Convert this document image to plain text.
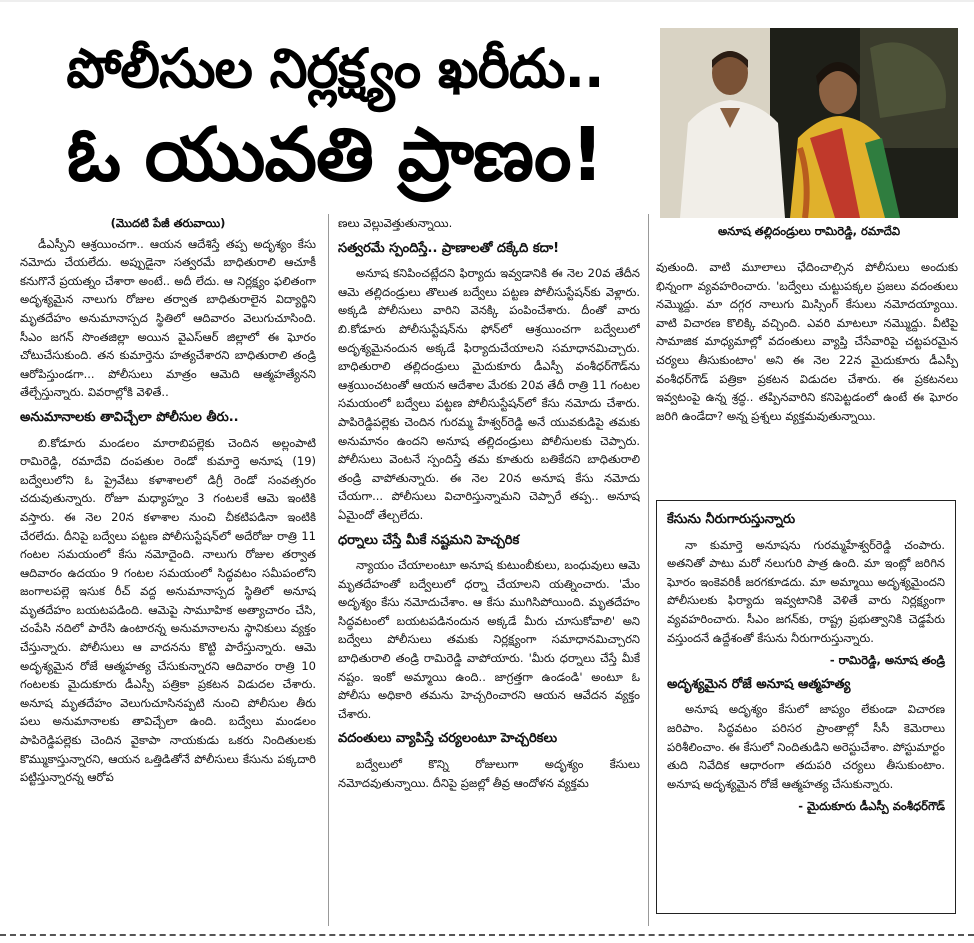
పోలీసుల నిర్లక్ష్యం ఖరీదు..
ఓ యువతి ప్రాణం!
అనూష తల్లిదండ్రులు రామిరెడ్డి, రమాదేవి
(మొదటి పేజీ తరువాయి)

డీఎస్పీని ఆశ్రయించగా.. ఆయన ఆదేశిస్తే తప్ప అదృశ్యం కేసు నమోదు చేయలేదు. అప్పుడైనా సత్వరమే బాధితురాలి ఆచూకీ కనుగొనే ప్రయత్నం చేశారా అంటే.. అదీ లేదు. ఆ నిర్లక్ష్యం ఫలితంగా అదృశ్యమైన నాలుగు రోజుల తర్వాత బాధితురాలైన విద్యార్థిని మృతదేహం అనుమానాస్పద స్థితిలో ఆదివారం వెలుగుచూసింది. సీఎం జగన్ సొంతజిల్లా అయిన వైఎస్ఆర్ జిల్లాలో ఈ ఘోరం చోటుచేసుకుంది. తన కుమార్తెను హత్యచేశారని బాధితురాలి తండ్రి ఆరోపిస్తుండగా... పోలీసులు మాత్రం ఆమెది ఆత్మహత్యేనని తేల్చేస్తున్నారు. వివరాల్లోకి వెళితే..

అనుమానాలకు తావిచ్చేలా పోలీసుల తీరు..

బి.కోడూరు మండలం మారాబిపల్లెకు చెందిన అల్లంపాటి రామిరెడ్డి, రమాదేవి దంపతుల రెండో కుమార్తె అనూష (19) బద్వేలులోని ఓ ప్రైవేటు కళాశాలలో డిగ్రీ రెండో సంవత్సరం చదువుతున్నారు. రోజూ మధ్యాహ్నం 3 గంటలకే ఆమె ఇంటికి వస్తారు. ఈ నెల 20న కళాశాల నుంచి చీకటిపడినా ఇంటికి చేరలేదు. దీనిపై బద్వేలు పట్టణ పోలీసుస్టేషన్‌లో అదేరోజు రాత్రి 11 గంటల సమయంలో కేసు నమోదైంది. నాలుగు రోజుల తర్వాత ఆదివారం ఉదయం 9 గంటల సమయంలో సిద్ధవటం సమీపంలోని జంగాలపల్లె ఇసుక రీచ్ వద్ద అనుమానాస్పద స్థితిలో అనూష మృతదేహం బయటపడింది. ఆమెపై సామూహిక అత్యాచారం చేసి, చంపేసి నదిలో పారేసి ఉంటారన్న అనుమానాలను స్థానికులు వ్యక్తం చేస్తున్నారు. పోలీసులు ఆ వాదనను కొట్టి పారేస్తున్నారు. ఆమె అదృశ్యమైన రోజే ఆత్మహత్య చేసుకున్నారని ఆదివారం రాత్రి 10 గంటలకు మైదుకూరు డీఎస్పీ పత్రికా ప్రకటన విడుదల చేశారు. అనూష మృతదేహం వెలుగుచూసినప్పటి నుంచి పోలీసుల తీరు పలు అనుమానాలకు తావిచ్చేలా ఉంది. బద్వేలు మండలం పాపిరెడ్డిపల్లెకు చెందిన వైకాపా నాయకుడు ఒకరు నిందితులకు కొమ్ముకాస్తున్నారని, ఆయన ఒత్తిడితోనే పోలీసులు కేసును పక్కదారి పట్టిస్తున్నారన్న ఆరోప

ణలు వెల్లువెత్తుతున్నాయి.

సత్వరమే స్పందిస్తే.. ప్రాణాలతో దక్కేది కదా!

అనూష కనిపించట్లేదని ఫిర్యాదు ఇవ్వడానికి ఈ నెల 20వ తేదీన ఆమె తల్లిదండ్రులు తొలుత బద్వేలు పట్టణ పోలీసుస్టేషన్‌కు వెళ్లారు. అక్కడి పోలీసులు వారిని వెనక్కి పంపించేశారు. దీంతో వారు బి.కోడూరు పోలీసుస్టేషన్‌ను ఫోన్‌లో ఆశ్రయించగా బద్వేలులో అదృశ్యమైనందున అక్కడే ఫిర్యాదుచేయాలని సమాధానమిచ్చారు. బాధితురాలి తల్లిదండ్రులు మైదుకూరు డీఎస్పీ వంశీధర్‌గౌడ్‌ను ఆశ్రయించటంతో ఆయన ఆదేశాల మేరకు 20వ తేదీ రాత్రి 11 గంటల సమయంలో బద్వేలు పట్టణ పోలీసుస్టేషన్‌లో కేసు నమోదు చేశారు. పాపిరెడ్డిపల్లెకు చెందిన గురమ్మ హేశ్వర్‌రెడ్డి అనే యువకుడిపై తమకు అనుమానం ఉందని అనూష తల్లిదండ్రులు పోలీసులకు చెప్పారు. పోలీసులు వెంటనే స్పందిస్తే తమ కూతురు బతికేదని బాధితురాలి తండ్రి వాపోతున్నారు. ఈ నెల 20న అనూష కేసు నమోదు చేయగా... పోలీసులు విచారిస్తున్నామని చెప్పారే తప్ప.. అనూష ఏమైందో తేల్చలేదు.

ధర్నాలు చేస్తే మీకే నష్టమని హెచ్చరిక

న్యాయం చేయాలంటూ అనూష కుటుంబీకులు, బంధువులు ఆమె మృతదేహంతో బద్వేలులో ధర్నా చేయాలని యత్నించారు. 'మేం అదృశ్యం కేసు నమోదుచేశాం. ఆ కేసు ముగిసిపోయింది. మృతదేహం సిద్ధవటంలో బయటపడినందున అక్కడే మీరు చూసుకోవాలి' అని బద్వేలు పోలీసులు తమకు నిర్లక్ష్యంగా సమాధానమిచ్చారని బాధితురాలి తండ్రి రామిరెడ్డి వాపోయారు. 'మీరు ధర్నాలు చేస్తే మీకే నష్టం. ఇంకో అమ్మాయి ఉంది.. జాగ్రత్తగా ఉండండి' అంటూ ఓ పోలీసు అధికారి తమను హెచ్చరించారని ఆయన ఆవేదన వ్యక్తం చేశారు.

వదంతులు వ్యాపిస్తే చర్యలంటూ హెచ్చరికలు

బద్వేలులో కొన్ని రోజులుగా అదృశ్యం కేసులు నమోదవుతున్నాయి. దీనిపై ప్రజల్లో తీవ్ర ఆందోళన వ్యక్తమ

వుతుంది. వాటి మూలాలు ఛేదించాల్సిన పోలీసులు అందుకు భిన్నంగా వ్యవహరించారు. 'బద్వేలు చుట్టుపక్కల ప్రజలు వదంతులు నమ్మొద్దు. మా దగ్గర నాలుగు మిస్సింగ్ కేసులు నమోదయ్యాయి. వాటి విచారణ కొలిక్కి వచ్చింది. ఎవరి మాటలూ నమ్మొద్దు. వీటిపై సామాజిక మాధ్యమాల్లో వదంతులు వ్యాప్తి చేసేవారిపై చట్టపరమైన చర్యలు తీసుకుంటాం' అని ఈ నెల 22న మైదుకూరు డీఎస్పీ వంశీధర్‌గౌడ్ పత్రికా ప్రకటన విడుదల చేశారు. ఈ ప్రకటనలు ఇవ్వటంపై ఉన్న శ్రద్ధ.. తప్పినవారిని కనిపెట్టడంలో ఉంటే ఈ ఘోరం జరిగి ఉండేదా? అన్న ప్రశ్నలు వ్యక్తమవుతున్నాయి.

కేసును నీరుగారుస్తున్నారు

నా కుమార్తె అనూషను గురమ్మహేశ్వర్‌రెడ్డి చంపారు. అతనితో పాటు మరో నలుగురి పాత్ర ఉంది. మా ఇంట్లో జరిగిన ఘోరం ఇంకెవరికీ జరగకూడదు. మా అమ్మాయి అదృశ్యమైందని పోలీసులకు ఫిర్యాదు ఇవ్వటానికి వెళితే వారు నిర్లక్ష్యంగా వ్యవహరించారు. సీఎం జగన్‌కు, రాష్ట్ర ప్రభుత్వానికి చెడ్డపేరు వస్తుందనే ఉద్దేశంతో కేసును నీరుగారుస్తున్నారు.

- రామిరెడ్డి, అనూష తండ్రి
అదృశ్యమైన రోజే అనూష ఆత్మహత్య

అనూష అదృశ్యం కేసులో జాప్యం లేకుండా విచారణ జరిపాం. సిద్ధవటం పరిసర ప్రాంతాల్లో సీసీ కెమెరాలు పరిశీలించాం. ఈ కేసులో నిందితుడిని అరెస్టుచేశాం. పోస్టుమార్టం తుది నివేదిక ఆధారంగా తదుపరి చర్యలు తీసుకుంటాం. అనూష అదృశ్యమైన రోజే ఆత్మహత్య చేసుకున్నారు.

- మైదుకూరు డీఎస్పీ వంశీధర్‌గౌడ్
